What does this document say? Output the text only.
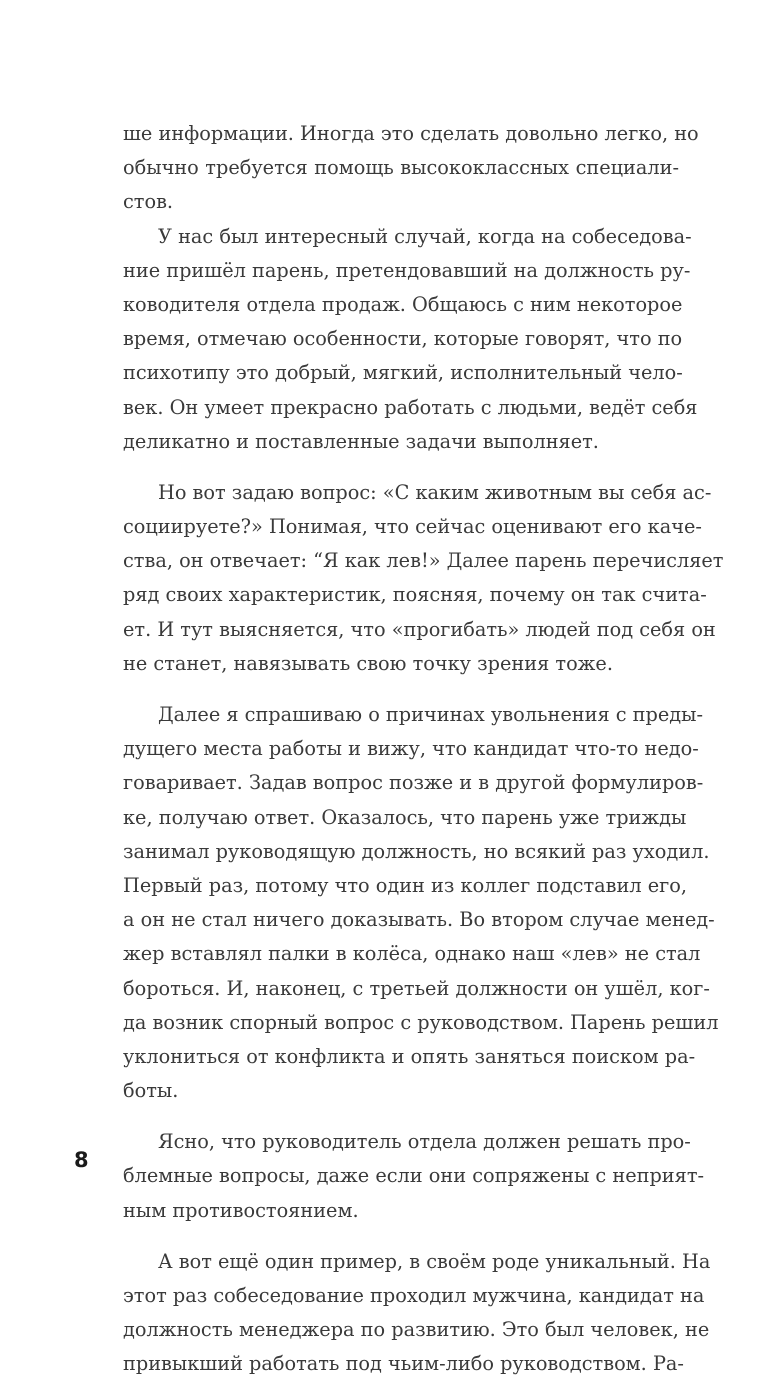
ше информации. Иногда это сделать довольно легко, но
обычно требуется помощь высококлассных специали-
стов.
У нас был интересный случай, когда на собеседова-
ние пришёл парень, претендовавший на должность ру-
ководителя отдела продаж. Общаюсь с ним некоторое
время, отмечаю особенности, которые говорят, что по
психотипу это добрый, мягкий, исполнительный чело-
век. Он умеет прекрасно работать с людьми, ведёт себя
деликатно и поставленные задачи выполняет.
Но вот задаю вопрос: «С каким животным вы себя ас-
социируете?» Понимая, что сейчас оценивают его каче-
ства, он отвечает: “Я как лев!» Далее парень перечисляет
ряд своих характеристик, поясняя, почему он так счита-
ет. И тут выясняется, что «прогибать» людей под себя он
не станет, навязывать свою точку зрения тоже.
Далее я спрашиваю о причинах увольнения с преды-
дущего места работы и вижу, что кандидат что-то недо-
говаривает. Задав вопрос позже и в другой формулиров-
ке, получаю ответ. Оказалось, что парень уже трижды
занимал руководящую должность, но всякий раз уходил.
Первый раз, потому что один из коллег подставил его,
а он не стал ничего доказывать. Во втором случае менед-
жер вставлял палки в колёса, однако наш «лев» не стал
бороться. И, наконец, с третьей должности он ушёл, ког-
да возник спорный вопрос с руководством. Парень решил
уклониться от конфликта и опять заняться поиском ра-
боты.
Ясно, что руководитель отдела должен решать про-
блемные вопросы, даже если они сопряжены с неприят-
ным противостоянием.
А вот ещё один пример, в своём роде уникальный. На
этот раз собеседование проходил мужчина, кандидат на
должность менеджера по развитию. Это был человек, не
привыкший работать под чьим-либо руководством. Ра-
8
